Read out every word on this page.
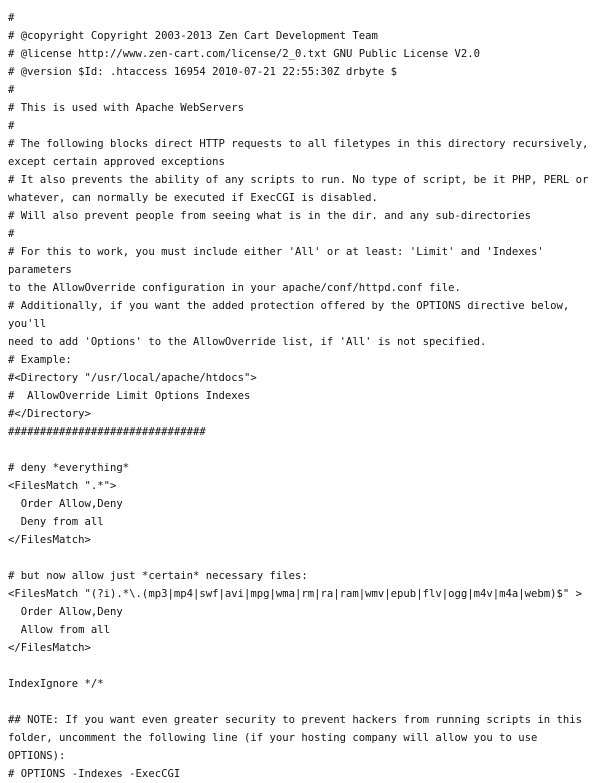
#
# @copyright Copyright 2003-2013 Zen Cart Development Team
# @license http://www.zen-cart.com/license/2_0.txt GNU Public License V2.0
# @version $Id: .htaccess 16954 2010-07-21 22:55:30Z drbyte $
#
# This is used with Apache WebServers
#
# The following blocks direct HTTP requests to all filetypes in this directory recursively,
except certain approved exceptions
# It also prevents the ability of any scripts to run. No type of script, be it PHP, PERL or
whatever, can normally be executed if ExecCGI is disabled.
# Will also prevent people from seeing what is in the dir. and any sub-directories
#
# For this to work, you must include either 'All' or at least: 'Limit' and 'Indexes' parameters
to the AllowOverride configuration in your apache/conf/httpd.conf file.
# Additionally, if you want the added protection offered by the OPTIONS directive below, you'll
need to add 'Options' to the AllowOverride list, if 'All' is not specified.
# Example:
#<Directory "/usr/local/apache/htdocs">
#  AllowOverride Limit Options Indexes
#</Directory>
###############################
# deny *everything*
<FilesMatch ".*">
Order Allow,Deny
Deny from all
</FilesMatch>
# but now allow just *certain* necessary files:
<FilesMatch "(?i).*\.(mp3|mp4|swf|avi|mpg|wma|rm|ra|ram|wmv|epub|flv|ogg|m4v|m4a|webm)$" >
Order Allow,Deny
Allow from all
</FilesMatch>
IndexIgnore */*
## NOTE: If you want even greater security to prevent hackers from running scripts in this
folder, uncomment the following line (if your hosting company will allow you to use OPTIONS):
# OPTIONS -Indexes -ExecCGI
